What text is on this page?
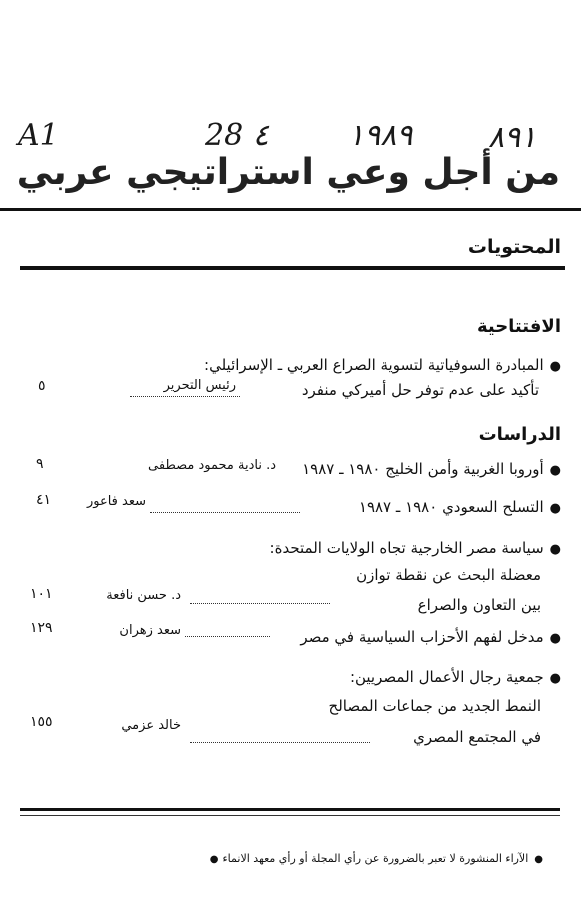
A1	28 ٤	١٩٨٩	٨٩١
من أجل وعي استراتيجي عربي
المحتويات
الافتتاحية
●المبادرة السوفياتية لتسوية الصراع العربي ـ الإسرائيلي:
تأكيد على عدم توفر حل أميركي منفرد
رئيس التحرير
٥
الدراسات
●أوروبا الغربية وأمن الخليج ١٩٨٠ ـ ١٩٨٧
د. نادية محمود مصطفى
٩
●التسلح السعودي ١٩٨٠ ـ ١٩٨٧
سعد فاعور
٤١
●سياسة مصر الخارجية تجاه الولايات المتحدة:
معضلة البحث عن نقطة توازن
بين التعاون والصراع
د. حسن نافعة
١٠١
●مدخل لفهم الأحزاب السياسية في مصر
سعد زهران
١٢٩
●جمعية رجال الأعمال المصريين:
النمط الجديد من جماعات المصالح
في المجتمع المصري
خالد عزمي
١٥٥
●الآراء المنشورة لا تعبر بالضرورة عن رأي المجلة أو رأي معهد الانماء●
